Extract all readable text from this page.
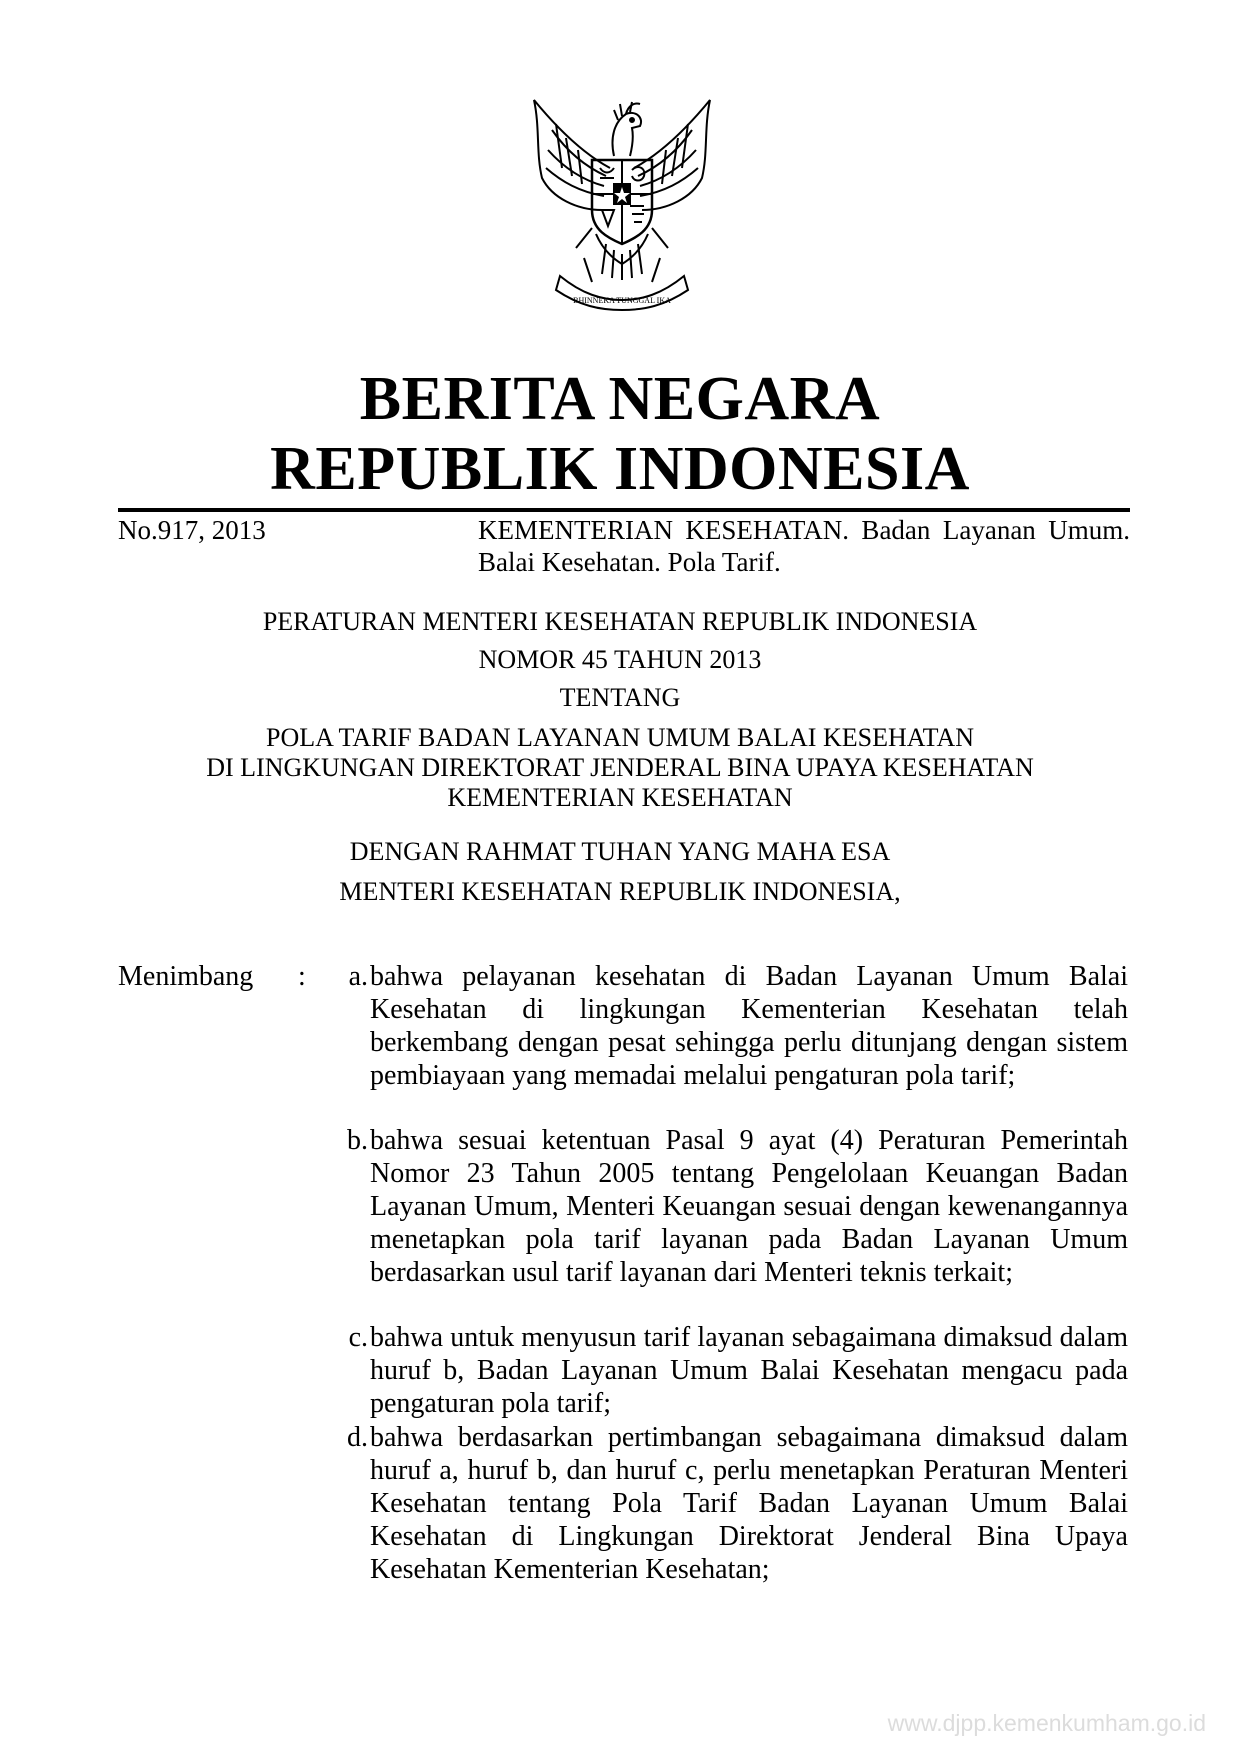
BHINNEKA TUNGGAL IKA
BERITA NEGARA
REPUBLIK INDONESIA
No.917, 2013	KEMENTERIAN KESEHATAN. Badan Layanan Umum. Balai Kesehatan. Pola Tarif.
PERATURAN MENTERI KESEHATAN REPUBLIK INDONESIA
NOMOR 45 TAHUN 2013
TENTANG
POLA TARIF BADAN LAYANAN UMUM BALAI KESEHATAN
DI LINGKUNGAN DIREKTORAT JENDERAL BINA UPAYA KESEHATAN
KEMENTERIAN KESEHATAN
DENGAN RAHMAT TUHAN YANG MAHA ESA
MENTERI KESEHATAN REPUBLIK INDONESIA,
Menimbang :	a. bahwa pelayanan kesehatan di Badan Layanan Umum Balai Kesehatan di lingkungan Kementerian Kesehatan telah berkembang dengan pesat sehingga perlu ditunjang dengan sistem pembiayaan yang memadai melalui pengaturan pola tarif;
b. bahwa sesuai ketentuan Pasal 9 ayat (4) Peraturan Pemerintah Nomor 23 Tahun 2005 tentang Pengelolaan Keuangan Badan Layanan Umum, Menteri Keuangan sesuai dengan kewenangannya menetapkan pola tarif layanan pada Badan Layanan Umum berdasarkan usul tarif layanan dari Menteri teknis terkait;
c. bahwa untuk menyusun tarif layanan sebagaimana dimaksud dalam huruf b, Badan Layanan Umum Balai Kesehatan mengacu pada pengaturan pola tarif;
d. bahwa berdasarkan pertimbangan sebagaimana dimaksud dalam huruf a, huruf b, dan huruf c, perlu menetapkan Peraturan Menteri Kesehatan tentang Pola Tarif Badan Layanan Umum Balai Kesehatan di Lingkungan Direktorat Jenderal Bina Upaya Kesehatan Kementerian Kesehatan;
www.djpp.kemenkumham.go.id
